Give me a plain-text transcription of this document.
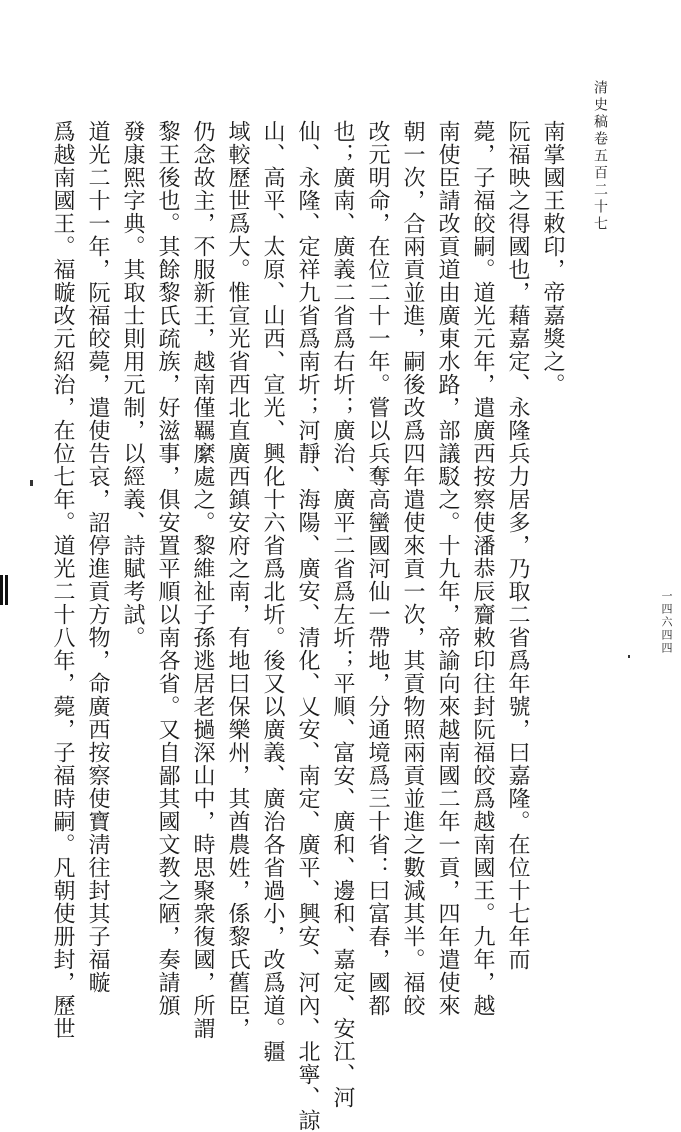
清史稿卷五百二十七
一四六四四
南掌國王敕印，帝嘉獎之。
阮福映之得國也，藉嘉定、永隆兵力居多，乃取二省爲年號，曰嘉隆。在位十七年而
薨，子福皎嗣。道光元年，遣廣西按察使潘恭辰齎敕印往封阮福皎爲越南國王。九年，越
南使臣請改貢道由廣東水路，部議駁之。十九年，帝諭向來越南國二年一貢，四年遣使來
朝一次，合兩貢並進，嗣後改爲四年遣使來貢一次，其貢物照兩貢並進之數減其半。福皎
改元明命，在位二十一年。嘗以兵奪高蠻國河仙一帶地，分通境爲三十省：曰富春，國都
也；廣南、廣義二省爲右圻；廣治、廣平二省爲左圻；平順、富安、廣和、邊和、嘉定、安江、河
仙、永隆、定祥九省爲南圻；河靜、海陽、廣安、清化、乂安、南定、廣平、興安、河內、北寧、諒
山、高平、太原、山西、宣光、興化十六省爲北圻。後又以廣義、廣治各省過小，改爲道。疆
域較歷世爲大。惟宣光省西北直廣西鎮安府之南，有地曰保樂州，其酋農姓，係黎氏舊臣，
仍念故主，不服新王，越南僅羈縻處之。黎維祉子孫逃居老撾深山中，時思聚衆復國，所謂
黎王後也。其餘黎氏疏族，好滋事，俱安置平順以南各省。又自鄙其國文教之陋，奏請頒
發康熙字典。其取士則用元制，以經義、詩賦考試。
道光二十一年，阮福皎薨，遣使告哀，詔停進貢方物，命廣西按察使寶淸往封其子福暶
爲越南國王。福暶改元紹治，在位七年。道光二十八年，薨，子福時嗣。凡朝使册封，歷世
